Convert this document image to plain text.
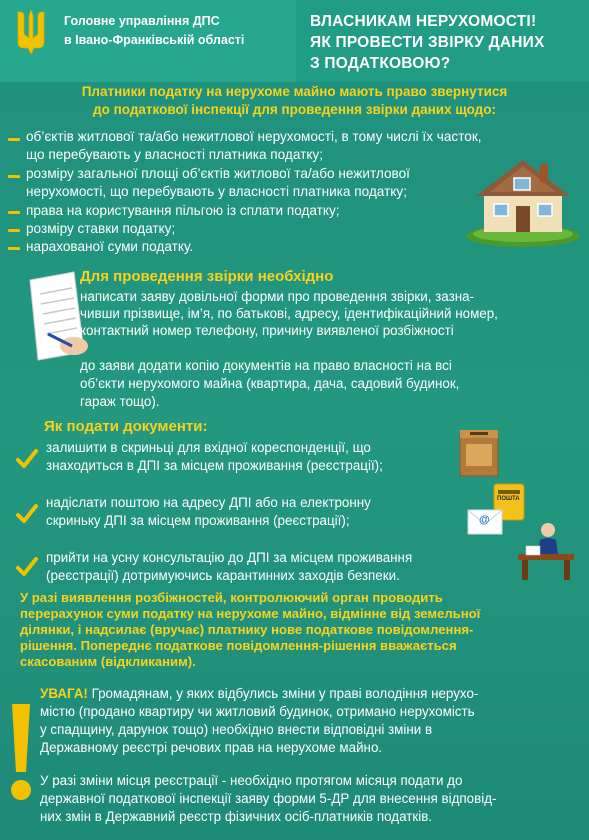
Головне управління ДПС
в Івано-Франківській області
ВЛАСНИКАМ НЕРУХОМОСТІ!
ЯК ПРОВЕСТИ ЗВІРКУ ДАНИХ
З ПОДАТКОВОЮ?
Платники податку на нерухоме майно мають право звернутися
до податкової інспекції для проведення звірки даних щодо:
об’єктів житлової та/або нежитлової нерухомості, в тому числі їх часток,
що перебувають у власності платника податку;
розміру загальної площі об’єктів житлової та/або нежитлової
нерухомості, що перебувають у власності платника податку;
права на користування пільгою із сплати податку;
розміру ставки податку;
нарахованої суми податку.
Для проведення звірки необхідно
написати заяву довільної форми про проведення звірки, зазна-
чивши прізвище, ім’я, по батькові, адресу, ідентифікаційний номер,
контактний номер телефону, причину виявленої розбіжності
до заяви додати копію документів на право власності на всі
об’єкти нерухомого майна (квартира, дача, садовий будинок,
гараж тощо).
Як подати документи:
залишити в скриньці для вхідної кореспонденції, що
знаходиться в ДПІ за місцем проживання (реєстрації);
надіслати поштою на адресу ДПІ або на електронну
скриньку ДПІ за місцем проживання (реєстрації);
ПОШТА
@
прийти на усну консультацію до ДПІ за місцем проживання
(реєстрації) дотримуючись карантинних заходів безпеки.
У разі виявлення розбіжностей, контролюючий орган проводить
перерахунок суми податку на нерухоме майно, відмінне від земельної
ділянки, і надсилає (вручає) платнику нове податкове повідомлення-
рішення. Попереднє податкове повідомлення-рішення вважається
скасованим (відкликаним).
УВАГА! Громадянам, у яких відбулись зміни у праві володіння нерухо-
містю (продано квартиру чи житловий будинок, отримано нерухомість
у спадщину, дарунок тощо) необхідно внести відповідні зміни в
Державному реєстрі речових прав на нерухоме майно.
У разі зміни місця реєстрації - необхідно протягом місяця подати до
державної податкової інспекції заяву форми 5-ДР для внесення відповід-
них змін в Державний реєстр фізичних осіб-платників податків.
